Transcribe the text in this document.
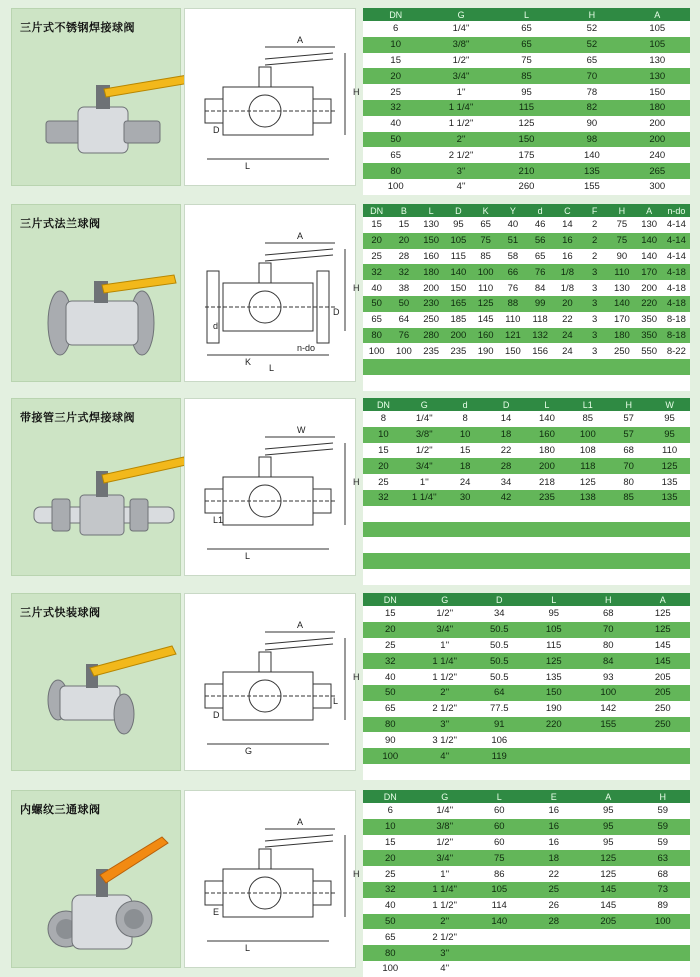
三片式不锈钢焊接球阀
A
H
D
L
DN	G	L	H	A
6	1/4''	65	52	105
10	3/8''	65	52	105
15	1/2''	75	65	130
20	3/4''	85	70	130
25	1''	95	78	150
32	1 1/4''	115	82	180
40	1 1/2''	125	90	200
50	2''	150	98	200
65	2 1/2''	175	140	240
80	3''	210	135	265
100	4''	260	155	300
三片式法兰球阀
A
H
d
K
D
n-do
L
DN	B	L	D	K	Y	d	C	F	H	A	n-do
15	15	130	95	65	40	46	14	2	75	130	4-14
20	20	150	105	75	51	56	16	2	75	140	4-14
25	28	160	115	85	58	65	16	2	90	140	4-14
32	32	180	140	100	66	76	1/8	3	110	170	4-18
40	38	200	150	110	76	84	1/8	3	130	200	4-18
50	50	230	165	125	88	99	20	3	140	220	4-18
65	64	250	185	145	110	118	22	3	170	350	8-18
80	76	280	200	160	121	132	24	3	180	350	8-18
100	100	235	235	190	150	156	24	3	250	550	8-22

带接管三片式焊接球阀
W
H
L1
L
DN	G	d	D	L	L1	H	W
8	1/4''	8	14	140	85	57	95
10	3/8''	10	18	160	100	57	95
15	1/2''	15	22	180	108	68	110
20	3/4''	18	28	200	118	70	125
25	1''	24	34	218	125	80	135
32	1 1/4''	30	42	235	138	85	135

三片式快装球阀
A
H
D
G
L
DN	G	D	L	H	A
15	1/2''	34	95	68	125
20	3/4''	50.5	105	70	125
25	1''	50.5	115	80	145
32	1 1/4''	50.5	125	84	145
40	1 1/2''	50.5	135	93	205
50	2''	64	150	100	205
65	2 1/2''	77.5	190	142	250
80	3''	91	220	155	250
90	3 1/2''	106			
100	4''	119			

内螺纹三通球阀
A
H
E
L
DN	G	L	E	A	H
6	1/4''	60	16	95	59
10	3/8''	60	16	95	59
15	1/2''	60	16	95	59
20	3/4''	75	18	125	63
25	1''	86	22	125	68
32	1 1/4''	105	25	145	73
40	1 1/2''	114	26	145	89
50	2''	140	28	205	100
65	2 1/2''				
80	3''				
100	4''				
